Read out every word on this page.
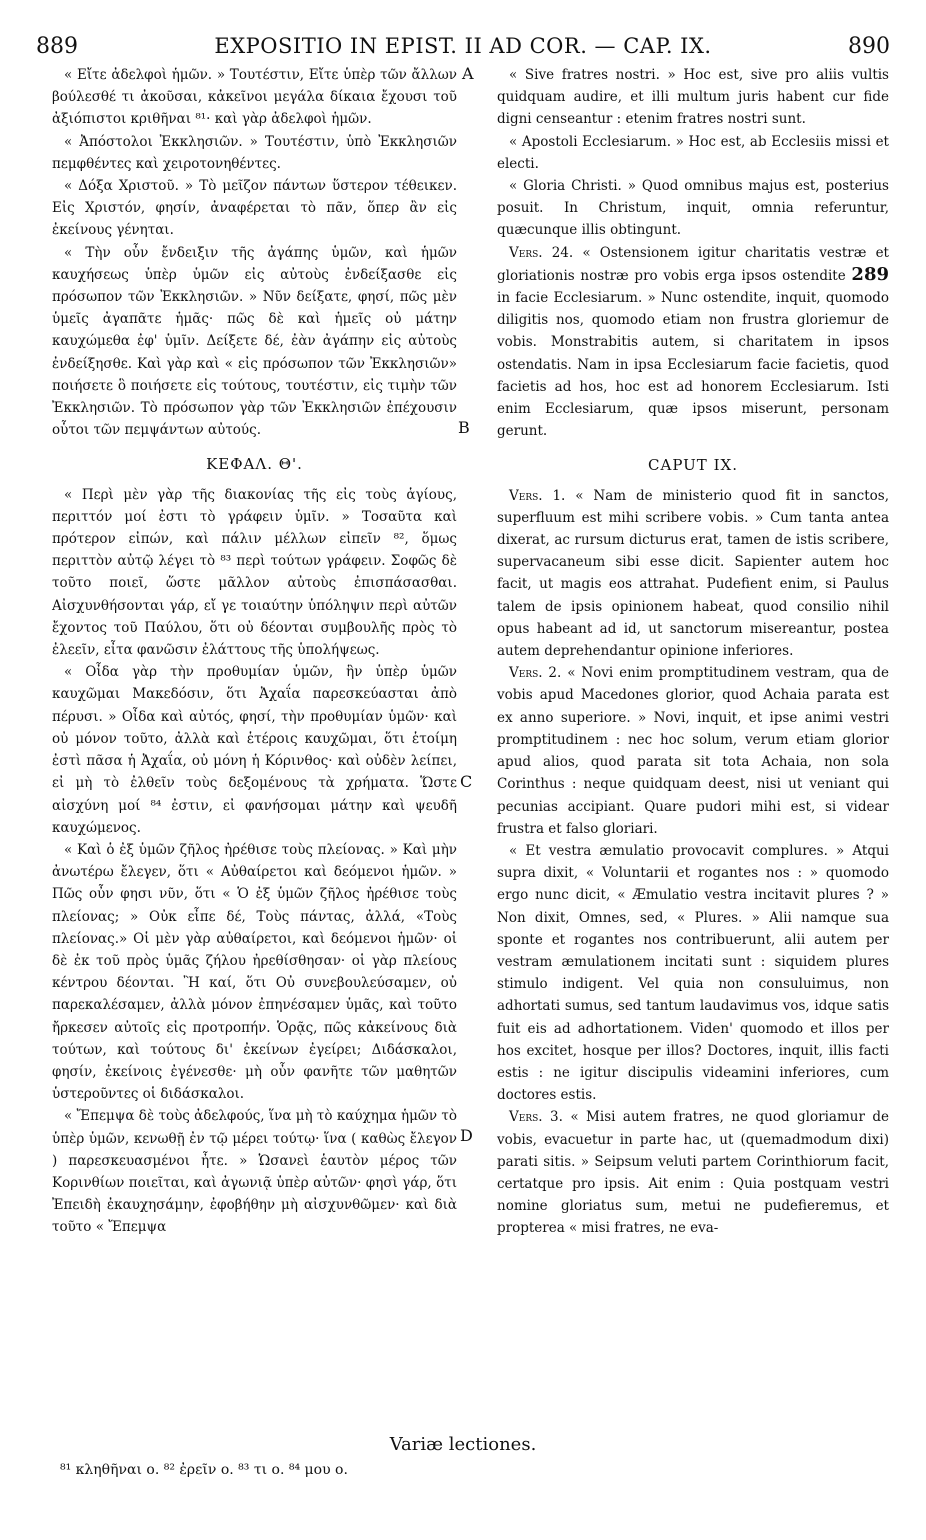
889	EXPOSITIO IN EPIST. II AD COR. — CAP. IX.	890

« Εἴτε ἀδελφοὶ ἡμῶν. » Τουτέστιν, Εἴτε ὑπὲρ τῶν ἄλλων βούλεσθέ τι ἀκοῦσαι, κἀκεῖνοι μεγάλα δίκαια ἔχουσι τοῦ ἀξιόπιστοι κριθῆναι ⁸¹· καὶ γὰρ ἀδελφοὶ ἡμῶν.

« Ἀπόστολοι Ἐκκλησιῶν. » Τουτέστιν, ὑπὸ Ἐκκλησιῶν πεμφθέντες καὶ χειροτονηθέντες.

« Δόξα Χριστοῦ. » Τὸ μεῖζον πάντων ὕστερον τέθεικεν. Εἰς Χριστόν, φησίν, ἀναφέρεται τὸ πᾶν, ὅπερ ἂν εἰς ἐκείνους γένηται.

« Τὴν οὖν ἔνδειξιν τῆς ἀγάπης ὑμῶν, καὶ ἡμῶν καυχήσεως ὑπὲρ ὑμῶν εἰς αὐτοὺς ἐνδείξασθε εἰς πρόσωπον τῶν Ἐκκλησιῶν. » Νῦν δείξατε, φησί, πῶς μὲν ὑμεῖς ἀγαπᾶτε ἡμᾶς· πῶς δὲ καὶ ἡμεῖς οὐ μάτην καυχώμεθα ἐφ' ὑμῖν. Δείξετε δέ, ἐὰν ἀγάπην εἰς αὐτοὺς ἐνδείξησθε. Καὶ γὰρ καὶ « εἰς πρόσωπον τῶν Ἐκκλησιῶν» ποιήσετε ὃ ποιήσετε εἰς τούτους, τουτέστιν, εἰς τιμὴν τῶν Ἐκκλησιῶν. Τὸ πρόσωπον γὰρ τῶν Ἐκκλησιῶν ἐπέχουσιν οὗτοι τῶν πεμψάντων αὐτούς.

ΚΕΦΑΛ. Θ'.

« Περὶ μὲν γὰρ τῆς διακονίας τῆς εἰς τοὺς ἁγίους, περιττόν μοί ἐστι τὸ γράφειν ὑμῖν. » Τοσαῦτα καὶ πρότερον εἰπών, καὶ πάλιν μέλλων εἰπεῖν ⁸², ὅμως περιττὸν αὐτῷ λέγει τὸ ⁸³ περὶ τούτων γράφειν. Σοφῶς δὲ τοῦτο ποιεῖ, ὥστε μᾶλλον αὐτοὺς ἐπισπάσασθαι. Αἰσχυνθήσονται γάρ, εἴ γε τοιαύτην ὑπόληψιν περὶ αὐτῶν ἔχοντος τοῦ Παύλου, ὅτι οὐ δέονται συμβουλῆς πρὸς τὸ ἐλεεῖν, εἶτα φανῶσιν ἐλάττους τῆς ὑπολήψεως.

« Οἶδα γὰρ τὴν προθυμίαν ὑμῶν, ἣν ὑπὲρ ὑμῶν καυχῶμαι Μακεδόσιν, ὅτι Ἀχαΐα παρεσκεύασται ἀπὸ πέρυσι. » Οἶδα καὶ αὐτός, φησί, τὴν προθυμίαν ὑμῶν· καὶ οὐ μόνον τοῦτο, ἀλλὰ καὶ ἑτέροις καυχῶμαι, ὅτι ἑτοίμη ἐστὶ πᾶσα ἡ Ἀχαΐα, οὐ μόνη ἡ Κόρινθος· καὶ οὐδὲν λείπει, εἰ μὴ τὸ ἐλθεῖν τοὺς δεξομένους τὰ χρήματα. Ὥστε αἰσχύνη μοί ⁸⁴ ἐστιν, εἰ φανήσομαι μάτην καὶ ψευδῆ καυχώμενος.

« Καὶ ὁ ἐξ ὑμῶν ζῆλος ἠρέθισε τοὺς πλείονας. » Καὶ μὴν ἀνωτέρω ἔλεγεν, ὅτι « Αὐθαίρετοι καὶ δεόμενοι ἡμῶν. » Πῶς οὖν φησι νῦν, ὅτι « Ὁ ἐξ ὑμῶν ζῆλος ἠρέθισε τοὺς πλείονας; » Οὐκ εἶπε δέ, Τοὺς πάντας, ἀλλά, «Τοὺς πλείονας.» Οἱ μὲν γὰρ αὐθαίρετοι, καὶ δεόμενοι ἡμῶν· οἱ δὲ ἐκ τοῦ πρὸς ὑμᾶς ζήλου ἠρεθίσθησαν· οἱ γὰρ πλείους κέντρου δέονται. Ἢ καί, ὅτι Οὐ συνεβουλεύσαμεν, οὐ παρεκαλέσαμεν, ἀλλὰ μόνον ἐπηνέσαμεν ὑμᾶς, καὶ τοῦτο ἤρκεσεν αὐτοῖς εἰς προτροπήν. Ὁρᾷς, πῶς κἀκείνους διὰ τούτων, καὶ τούτους δι' ἐκείνων ἐγείρει; Διδάσκαλοι, φησίν, ἐκείνοις ἐγένεσθε· μὴ οὖν φανῆτε τῶν μαθητῶν ὑστεροῦντες οἱ διδάσκαλοι.

« Ἔπεμψα δὲ τοὺς ἀδελφούς, ἵνα μὴ τὸ καύχημα ἡμῶν τὸ ὑπὲρ ὑμῶν, κενωθῇ ἐν τῷ μέρει τούτῳ· ἵνα ( καθὼς ἔλεγον ) παρεσκευασμένοι ἦτε. » Ὡσανεὶ ἑαυτὸν μέρος τῶν Κορινθίων ποιεῖται, καὶ ἀγωνιᾷ ὑπὲρ αὐτῶν· φησὶ γάρ, ὅτι Ἐπειδὴ ἐκαυχησάμην, ἐφοβήθην μὴ αἰσχυνθῶμεν· καὶ διὰ τοῦτο « Ἔπεμψα

A
B
C
D

« Sive fratres nostri. » Hoc est, sive pro aliis vultis quidquam audire, et illi multum juris habent cur fide digni censeantur : etenim fratres nostri sunt.

« Apostoli Ecclesiarum. » Hoc est, ab Ecclesiis missi et electi.

« Gloria Christi. » Quod omnibus majus est, posterius posuit. In Christum, inquit, omnia referuntur, quæcunque illis obtingunt.

Vers. 24. « Ostensionem igitur charitatis vestræ et gloriationis nostræ pro vobis erga ipsos ostendite 289 in facie Ecclesiarum. » Nunc ostendite, inquit, quomodo diligitis nos, quomodo etiam non frustra gloriemur de vobis. Monstrabitis autem, si charitatem in ipsos ostendatis. Nam in ipsa Ecclesiarum facie facietis, quod facietis ad hos, hoc est ad honorem Ecclesiarum. Isti enim Ecclesiarum, quæ ipsos miserunt, personam gerunt.

CAPUT IX.

Vers. 1. « Nam de ministerio quod fit in sanctos, superfluum est mihi scribere vobis. » Cum tanta antea dixerat, ac rursum dicturus erat, tamen de istis scribere, supervacaneum sibi esse dicit. Sapienter autem hoc facit, ut magis eos attrahat. Pudefient enim, si Paulus talem de ipsis opinionem habeat, quod consilio nihil opus habeant ad id, ut sanctorum misereantur, postea autem deprehendantur opinione inferiores.

Vers. 2. « Novi enim promptitudinem vestram, qua de vobis apud Macedones glorior, quod Achaia parata est ex anno superiore. » Novi, inquit, et ipse animi vestri promptitudinem : nec hoc solum, verum etiam glorior apud alios, quod parata sit tota Achaia, non sola Corinthus : neque quidquam deest, nisi ut veniant qui pecunias accipiant. Quare pudori mihi est, si videar frustra et falso gloriari.

« Et vestra æmulatio provocavit complures. » Atqui supra dixit, « Voluntarii et rogantes nos : » quomodo ergo nunc dicit, « Æmulatio vestra incitavit plures ? » Non dixit, Omnes, sed, « Plures. » Alii namque sua sponte et rogantes nos contribuerunt, alii autem per vestram æmulationem incitati sunt : siquidem plures stimulo indigent. Vel quia non consuluimus, non adhortati sumus, sed tantum laudavimus vos, idque satis fuit eis ad adhortationem. Viden' quomodo et illos per hos excitet, hosque per illos? Doctores, inquit, illis facti estis : ne igitur discipulis videamini inferiores, cum doctores estis.

Vers. 3. « Misi autem fratres, ne quod gloriamur de vobis, evacuetur in parte hac, ut (quemadmodum dixi) parati sitis. » Seipsum veluti partem Corinthiorum facit, certatque pro ipsis. Ait enim : Quia postquam vestri nomine gloriatus sum, metui ne pudefieremus, et propterea « misi fratres, ne eva-

Variæ lectiones.
⁸¹ κληθῆναι ο. ⁸² ἐρεῖν ο. ⁸³ τι ο. ⁸⁴ μου ο.
